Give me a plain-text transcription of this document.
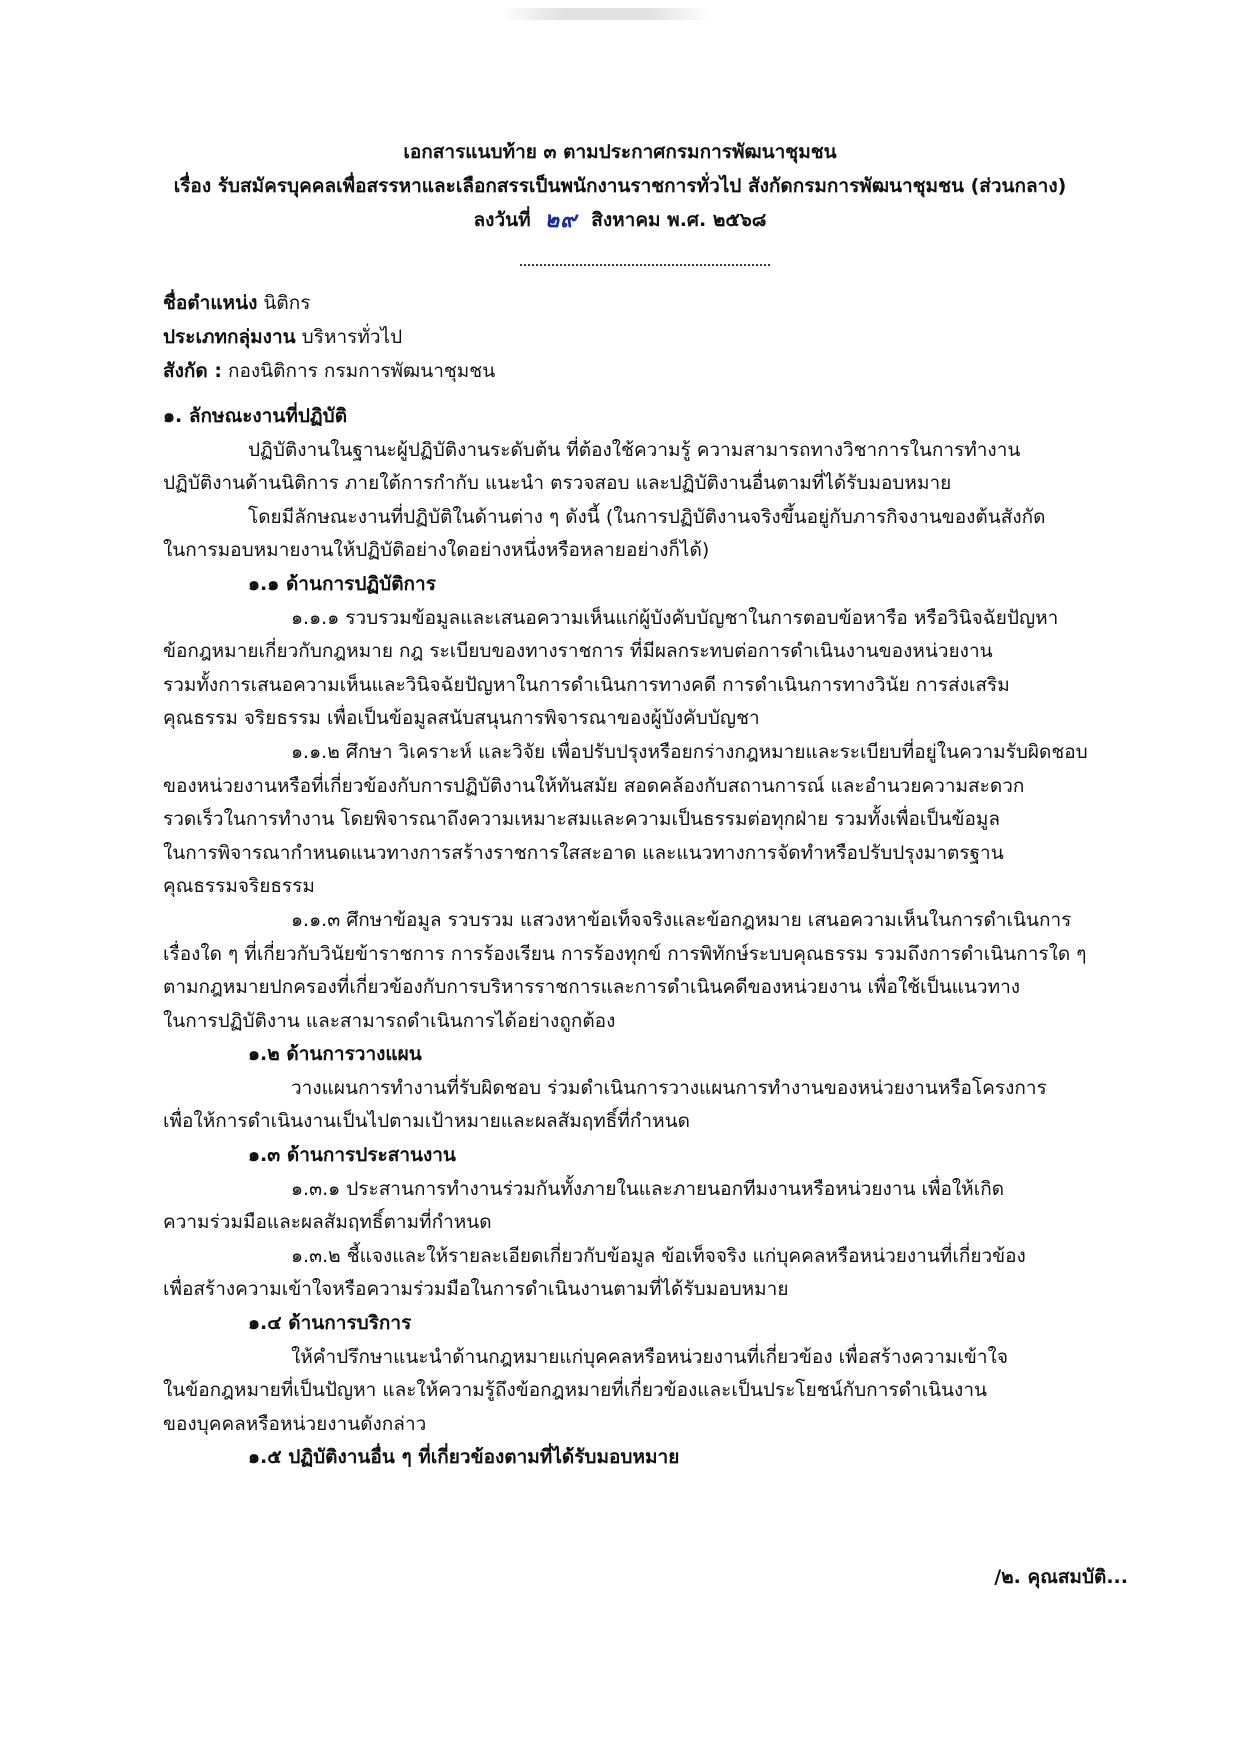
เอกสารแนบท้าย ๓ ตามประกาศกรมการพัฒนาชุมชน
เรื่อง รับสมัครบุคคลเพื่อสรรหาและเลือกสรรเป็นพนักงานราชการทั่วไป สังกัดกรมการพัฒนาชุมชน (ส่วนกลาง)
ลงวันที่ ๒๙ สิงหาคม พ.ศ. ๒๕๖๘
ชื่อตำแหน่ง นิติกร
ประเภทกลุ่มงาน บริหารทั่วไป
สังกัด : กองนิติการ กรมการพัฒนาชุมชน

๑. ลักษณะงานที่ปฏิบัติ

ปฏิบัติงานในฐานะผู้ปฏิบัติงานระดับต้น ที่ต้องใช้ความรู้ ความสามารถทางวิชาการในการทำงาน

ปฏิบัติงานด้านนิติการ ภายใต้การกำกับ แนะนำ ตรวจสอบ และปฏิบัติงานอื่นตามที่ได้รับมอบหมาย

โดยมีลักษณะงานที่ปฏิบัติในด้านต่าง ๆ ดังนี้ (ในการปฏิบัติงานจริงขึ้นอยู่กับภารกิจงานของต้นสังกัด

ในการมอบหมายงานให้ปฏิบัติอย่างใดอย่างหนึ่งหรือหลายอย่างก็ได้)

๑.๑ ด้านการปฏิบัติการ

๑.๑.๑ รวบรวมข้อมูลและเสนอความเห็นแก่ผู้บังคับบัญชาในการตอบข้อหารือ หรือวินิจฉัยปัญหา

ข้อกฎหมายเกี่ยวกับกฎหมาย กฎ ระเบียบของทางราชการ ที่มีผลกระทบต่อการดำเนินงานของหน่วยงาน

รวมทั้งการเสนอความเห็นและวินิจฉัยปัญหาในการดำเนินการทางคดี การดำเนินการทางวินัย การส่งเสริม

คุณธรรม จริยธรรม เพื่อเป็นข้อมูลสนับสนุนการพิจารณาของผู้บังคับบัญชา

๑.๑.๒ ศึกษา วิเคราะห์ และวิจัย เพื่อปรับปรุงหรือยกร่างกฎหมายและระเบียบที่อยู่ในความรับผิดชอบ

ของหน่วยงานหรือที่เกี่ยวข้องกับการปฏิบัติงานให้ทันสมัย สอดคล้องกับสถานการณ์ และอำนวยความสะดวก

รวดเร็วในการทำงาน โดยพิจารณาถึงความเหมาะสมและความเป็นธรรมต่อทุกฝ่าย รวมทั้งเพื่อเป็นข้อมูล

ในการพิจารณากำหนดแนวทางการสร้างราชการใสสะอาด และแนวทางการจัดทำหรือปรับปรุงมาตรฐาน

คุณธรรมจริยธรรม

๑.๑.๓ ศึกษาข้อมูล รวบรวม แสวงหาข้อเท็จจริงและข้อกฎหมาย เสนอความเห็นในการดำเนินการ

เรื่องใด ๆ ที่เกี่ยวกับวินัยข้าราชการ การร้องเรียน การร้องทุกข์ การพิทักษ์ระบบคุณธรรม รวมถึงการดำเนินการใด ๆ

ตามกฎหมายปกครองที่เกี่ยวข้องกับการบริหารราชการและการดำเนินคดีของหน่วยงาน เพื่อใช้เป็นแนวทาง

ในการปฏิบัติงาน และสามารถดำเนินการได้อย่างถูกต้อง

๑.๒ ด้านการวางแผน

วางแผนการทำงานที่รับผิดชอบ ร่วมดำเนินการวางแผนการทำงานของหน่วยงานหรือโครงการ

เพื่อให้การดำเนินงานเป็นไปตามเป้าหมายและผลสัมฤทธิ์ที่กำหนด

๑.๓ ด้านการประสานงาน

๑.๓.๑ ประสานการทำงานร่วมกันทั้งภายในและภายนอกทีมงานหรือหน่วยงาน เพื่อให้เกิด

ความร่วมมือและผลสัมฤทธิ์ตามที่กำหนด

๑.๓.๒ ชี้แจงและให้รายละเอียดเกี่ยวกับข้อมูล ข้อเท็จจริง แก่บุคคลหรือหน่วยงานที่เกี่ยวข้อง

เพื่อสร้างความเข้าใจหรือความร่วมมือในการดำเนินงานตามที่ได้รับมอบหมาย

๑.๔ ด้านการบริการ

ให้คำปรึกษาแนะนำด้านกฎหมายแก่บุคคลหรือหน่วยงานที่เกี่ยวข้อง เพื่อสร้างความเข้าใจ

ในข้อกฎหมายที่เป็นปัญหา และให้ความรู้ถึงข้อกฎหมายที่เกี่ยวข้องและเป็นประโยชน์กับการดำเนินงาน

ของบุคคลหรือหน่วยงานดังกล่าว

๑.๕ ปฏิบัติงานอื่น ๆ ที่เกี่ยวข้องตามที่ได้รับมอบหมาย

/๒. คุณสมบัติ...
